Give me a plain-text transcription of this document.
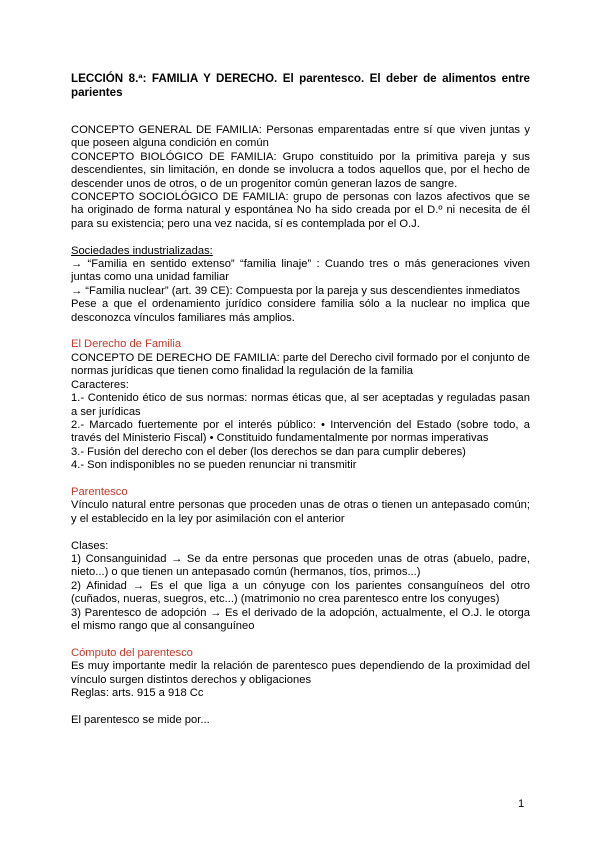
LECCIÓN 8.ª: FAMILIA Y DERECHO. El parentesco. El deber de alimentos entre parientes

CONCEPTO GENERAL DE FAMILIA: Personas emparentadas entre sí que viven juntas y que poseen alguna condición en común

CONCEPTO BIOLÓGICO DE FAMILIA: Grupo constituido por la primitiva pareja y sus descendientes, sin limitación, en donde se involucra a todos aquellos que, por el hecho de descender unos de otros, o de un progenitor común generan lazos de sangre.

CONCEPTO SOCIOLÓGICO DE FAMILIA: grupo de personas con lazos afectivos que se ha originado de forma natural y espontánea No ha sido creada por el D.º ni necesita de él para su existencia; pero una vez nacida, sí es contemplada por el O.J.

Sociedades industrializadas:

→ “Familia en sentido extenso” “familia linaje” : Cuando tres o más generaciones viven juntas como una unidad familiar

→ “Familia nuclear” (art. 39 CE): Compuesta por la pareja y sus descendientes inmediatos

Pese a que el ordenamiento jurídico considere familia sólo a la nuclear no implica que desconozca vínculos familiares más amplios.

El Derecho de Familia

CONCEPTO DE DERECHO DE FAMILIA: parte del Derecho civil formado por el conjunto de normas jurídicas que tienen como finalidad la regulación de la familia

Caracteres:

1.- Contenido ético de sus normas: normas éticas que, al ser aceptadas y reguladas pasan a ser jurídicas

2.- Marcado fuertemente por el interés público: • Intervención del Estado (sobre todo, a través del Ministerio Fiscal) • Constituido fundamentalmente por normas imperativas

3.- Fusión del derecho con el deber (los derechos se dan para cumplir deberes)

4.- Son indisponibles no se pueden renunciar ni transmitir

Parentesco

Vínculo natural entre personas que proceden unas de otras o tienen un antepasado común; y el establecido en la ley por asimilación con el anterior

Clases:

1) Consanguinidad → Se da entre personas que proceden unas de otras (abuelo, padre, nieto...) o que tienen un antepasado común (hermanos, tíos, primos...)

2) Afinidad → Es el que liga a un cónyuge con los parientes consanguíneos del otro (cuñados, nueras, suegros, etc...) (matrimonio no crea parentesco entre los conyuges)

3) Parentesco de adopción → Es el derivado de la adopción, actualmente, el O.J. le otorga el mismo rango que al consanguíneo

Cómputo del parentesco

Es muy importante medir la relación de parentesco pues dependiendo de la proximidad del vínculo surgen distintos derechos y obligaciones

Reglas: arts. 915 a 918 Cc

El parentesco se mide por...

1
